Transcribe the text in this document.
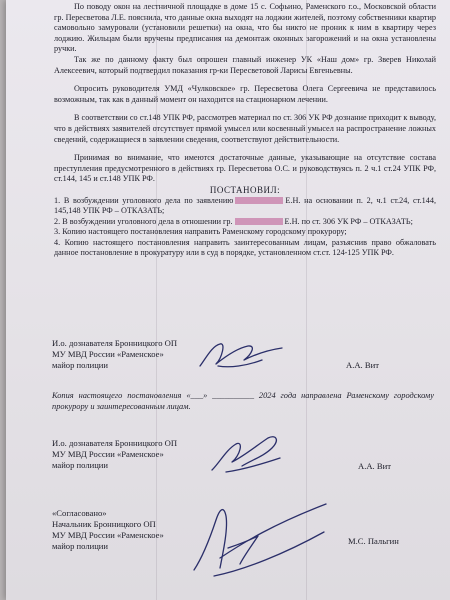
По поводу окон на лестничной площадке в доме 15 с. Софьино, Раменского г.о., Московской области гр. Пересветова Л.Е. пояснила, что данные окна выходят на лоджии жителей, поэтому собственники квартир самовольно замуровали (установили решетки) на окна, что бы никто не проник к ним в квартиру через лоджию. Жильцам были вручены предписания на демонтаж оконных загорожений и на окна установлены ручки.

Так же по данному факту был опрошен главный инженер УК «Наш дом» гр. Зверев Николай Алексеевич, который подтвердил показания гр-ки Пересветовой Ларисы Евгеньевны.

Опросить руководителя УМД «Чулковское» гр. Пересветова Олега Сергеевича не представилось возможным, так как в данный момент он находится на стационарном лечении.

В соответствии со ст.148 УПК РФ, рассмотрев материал по ст. 306 УК РФ дознание приходит к выводу, что в действиях заявителей отсутствует прямой умысел или косвенный умысел на распространение ложных сведений, содержащиеся в заявлении сведения, соответствуют действительности.

Принимая во внимание, что имеются достаточные данные, указывающие на отсутствие состава преступления предусмотренного в действиях гр. Пересветова О.С. и руководствуясь п. 2 ч.1 ст.24 УПК РФ, ст.144, 145 и ст.148 УПК РФ.

ПОСТАНОВИЛ:

1. В возбуждении уголовного дела по заявлению	Е.Н. на основании п. 2, ч.1 ст.24, ст.144, 145,148 УПК РФ – ОТКАЗАТЬ;

2. В возбуждении уголовного дела в отношении гр.	Е.Н. по ст. 306 УК РФ – ОТКАЗАТЬ;

3. Копию настоящего постановления направить Раменскому городскому прокурору;

4. Копию настоящего постановления направить заинтересованным лицам, разъяснив право обжаловать данное постановление в прокуратуру или в суд в порядке, установленном ст.ст. 124-125 УПК РФ.

И.о. дознавателя Бронницкого ОП
МУ МВД России «Раменское»
майор полиции	А.А. Вит
Копия настоящего постановления «___» __________ 2024 года направлена Раменскому городскому прокурору и заинтересованным лицам.
И.о. дознавателя Бронницкого ОП
МУ МВД России «Раменское»
майор полиции	А.А. Вит
«Согласовано»
Начальник Бронницкого ОП
МУ МВД России «Раменское»
майор полиции	М.С. Пальгин
